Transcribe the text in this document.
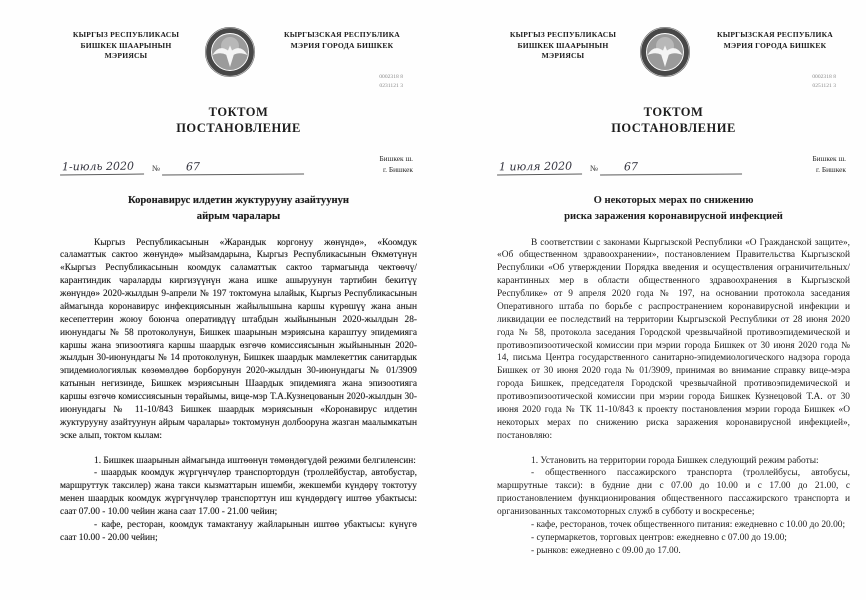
КЫРГЫЗ РЕСПУБЛИКАСЫ
БИШКЕК ШААРЫНЫН
МЭРИЯСЫ
КЫРГЫЗСКАЯ РЕСПУБЛИКА
МЭРИЯ ГОРОДА БИШКЕК
0002318 8
0231121 3
ТОКТОМ
ПОСТАНОВЛЕНИЕ
1-июль 2020	№	67
Бишкек ш.
г. Бишкек
Коронавирус илдетин жуктурууну азайтуунун
айрым чаралары

Кыргыз Республикасынын «Жарандык коргонуу жөнүндө», «Коомдук саламаттык сактоо жөнүндө» мыйзамдарына, Кыргыз Республикасынын Өкмөтүнүн «Кыргыз Республикасынын коомдук саламаттык сактоо тармагында чектөөчү/карантиндик чараларды киргизүүнүн жана ишке ашыруунун тартибин бекитүү жөнүндө» 2020-жылдын 9-апрели № 197 токтомуна ылайык, Кыргыз Республикасынын аймагында коронавирус инфекциясынын жайылышына каршы күрөшүү жана анын кесепеттерин жоюу боюнча оперативдүү штабдын жыйынынын 2020-жылдын 28-июнундагы № 58 протоколунун, Бишкек шаарынын мэриясына караштуу эпидемияга каршы жана эпизоотияга каршы шаардык өзгөчө комиссиясынын жыйынынын 2020-жылдын 30-июнундагы № 14 протоколунун, Бишкек шаардык мамлекеттик санитардык эпидемиологиялык көзөмөлдөө борборунун 2020-жылдын 30-июнундагы № 01/3909 катынын негизинде, Бишкек мэриясынын Шаардык эпидемияга жана эпизоотияга каршы өзгөчө комиссиясынын төрайымы, вице-мэр Т.А.Кузнецованын 2020-жылдын 30-июнундагы № 11-10/843 Бишкек шаардык мэриясынын «Коронавирус илдетин жуктурууну азайтуунун айрым чаралары» токтомунун долбооруна жазган маалымкатын эске алып, токтом кылам:

1. Бишкек шаарынын аймагында иштөөнүн төмөндөгүдөй режими белгиленсин:

- шаардык коомдук жүргүнчүлөр транспортордун (троллейбустар, автобустар, маршруттук таксилер) жана такси кызматтарын ишемби, жекшемби күндөрү токтотуу менен шаардык коомдук жүргүнчүлөр транспорттун иш күндөрдөгү иштөө убактысы: саат 07.00 - 10.00 чейин жана саат 17.00 - 21.00 чейин;

- кафе, ресторан, коомдук тамактануу жайларынын иштөө убактысы: күнүгө саат 10.00 - 20.00 чейин;

КЫРГЫЗ РЕСПУБЛИКАСЫ
БИШКЕК ШААРЫНЫН
МЭРИЯСЫ
КЫРГЫЗСКАЯ РЕСПУБЛИКА
МЭРИЯ ГОРОДА БИШКЕК
0002318 8
0251121 3
ТОКТОМ
ПОСТАНОВЛЕНИЕ
1 июля 2020	№	67
Бишкек ш.
г. Бишкек
О некоторых мерах по снижению
риска заражения коронавирусной инфекцией

В соответствии с законами Кыргызской Республики «О Гражданской защите», «Об общественном здравоохранении», постановлением Правительства Кыргызской Республики «Об утверждении Порядка введения и осуществления ограничительных/карантинных мер в области общественного здравоохранения в Кыргызской Республике» от 9 апреля 2020 года № 197, на основании протокола заседания Оперативного штаба по борьбе с распространением коронавирусной инфекции и ликвидации ее последствий на территории Кыргызской Республики от 28 июня 2020 года № 58, протокола заседания Городской чрезвычайной противоэпидемической и противоэпизоотической комиссии при мэрии города Бишкек от 30 июня 2020 года № 14, письма Центра государственного санитарно-эпидемиологического надзора города Бишкек от 30 июня 2020 года № 01/3909, принимая во внимание справку вице-мэра города Бишкек, председателя Городской чрезвычайной противоэпидемической и противоэпизоотической комиссии при мэрии города Бишкек Кузнецовой Т.А. от 30 июня 2020 года № ТК 11-10/843 к проекту постановления мэрии города Бишкек «О некоторых мерах по снижению риска заражения коронавирусной инфекцией», постановляю:

1. Установить на территории города Бишкек следующий режим работы:

- общественного пассажирского транспорта (троллейбусы, автобусы, маршрутные такси): в будние дни с 07.00 до 10.00 и с 17.00 до 21.00, с приостановлением функционирования общественного пассажирского транспорта и организованных таксомоторных служб в субботу и воскресенье;

- кафе, ресторанов, точек общественного питания: ежедневно с 10.00 до 20.00;

- супермаркетов, торговых центров: ежедневно с 07.00 до 19.00;

- рынков: ежедневно с 09.00 до 17.00.
